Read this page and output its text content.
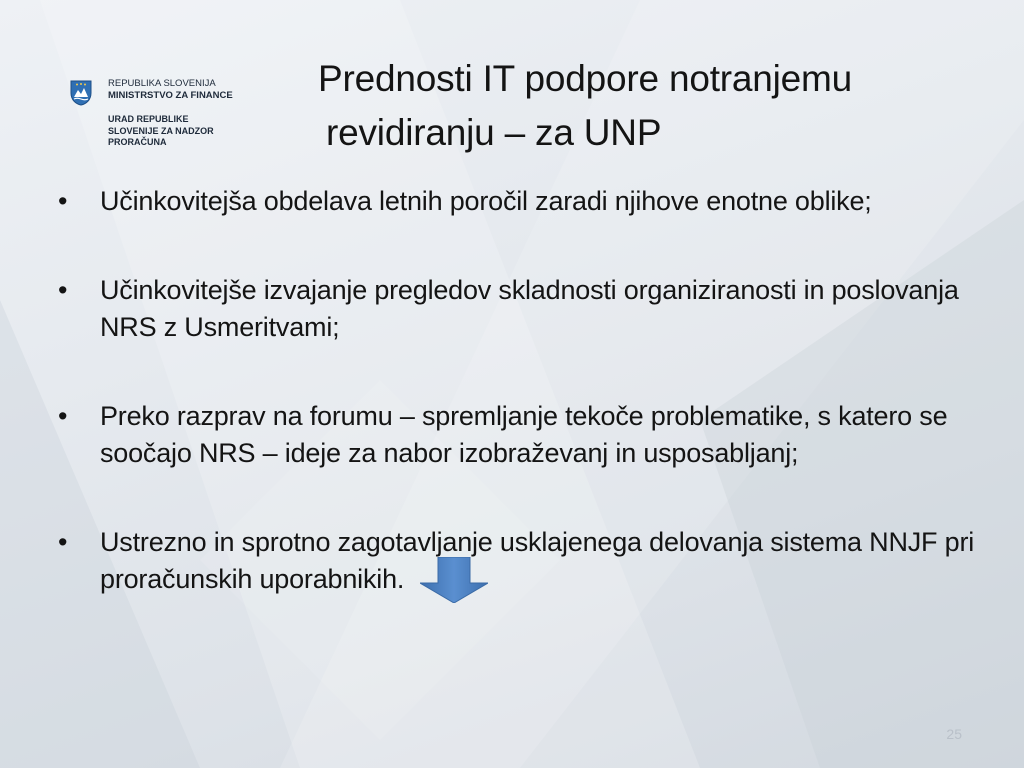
REPUBLIKA SLOVENIJA
MINISTRSTVO ZA FINANCE
URAD REPUBLIKE
SLOVENIJE ZA NADZOR
PRORAČUNA
Prednosti IT podpore notranjemu
revidiranju – za UNP
• Učinkovitejša obdelava letnih poročil zaradi njihove enotne oblike;
• Učinkovitejše izvajanje pregledov skladnosti organiziranosti in poslovanja NRS z Usmeritvami;
• Preko razprav na forumu – spremljanje tekoče problematike, s katero se soočajo NRS – ideje za nabor izobraževanj in usposabljanj;
• Ustrezno in sprotno zagotavljanje usklajenega delovanja sistema NNJF pri proračunskih uporabnikih.
25
